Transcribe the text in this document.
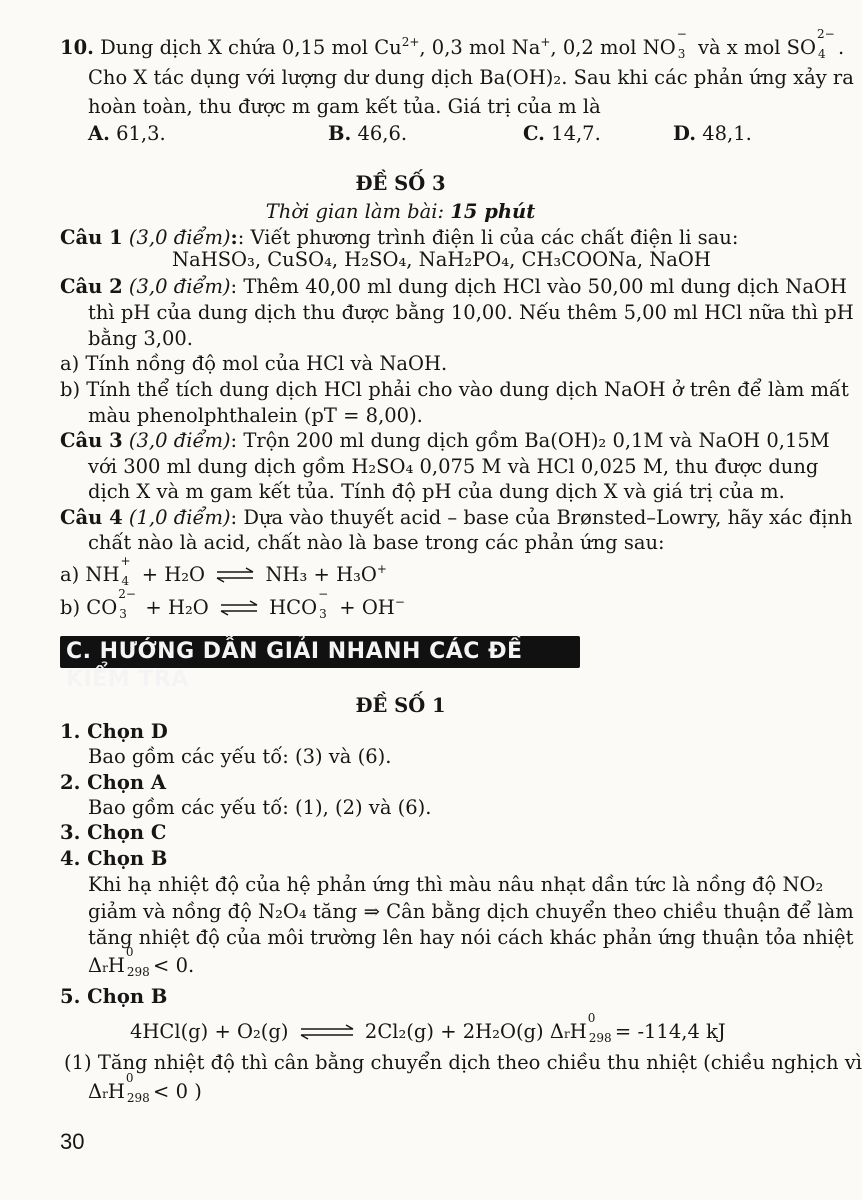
10. Dung dịch X chứa 0,15 mol $Cu^{2+}$, 0,3 mol Na+, 0,2 mol NO
−
3 và x mol SO
2−
4 .
Cho X tác dụng với lượng dư dung dịch Ba(OH)₂. Sau khi các phản ứng xảy ra
hoàn toàn, thu được m gam kết tủa. Giá trị của m là
A. 61,3.	B. 46,6.	C. 14,7.	D. 48,1.
ĐỀ SỐ 3
Thời gian làm bài: 15 phút
Câu 1 (3,0 điểm):: Viết phương trình điện li của các chất điện li sau:
NaHSO₃, CuSO₄, H₂SO₄, NaH₂PO₄, CH₃COONa, NaOH
Câu 2 (3,0 điểm): Thêm 40,00 ml dung dịch HCl vào 50,00 ml dung dịch NaOH
thì pH của dung dịch thu được bằng 10,00. Nếu thêm 5,00 ml HCl nữa thì pH
bằng 3,00.
a) Tính nồng độ mol của HCl và NaOH.
b) Tính thể tích dung dịch HCl phải cho vào dung dịch NaOH ở trên để làm mất
màu phenolphthalein (pT = 8,00).
Câu 3 (3,0 điểm): Trộn 200 ml dung dịch gồm Ba(OH)₂ 0,1M và NaOH 0,15M
với 300 ml dung dịch gồm H₂SO₄ 0,075 M và HCl 0,025 M, thu được dung
dịch X và m gam kết tủa. Tính độ pH của dung dịch X và giá trị của m.
Câu 4 (1,0 điểm): Dựa vào thuyết acid – base của Brønsted–Lowry, hãy xác định
chất nào là acid, chất nào là base trong các phản ứng sau:
a) NH
+
4 + H₂O ⇌ NH₃ + H₃O+
b) CO
2−
3 + H₂O ⇌ HCO
−
3 + OH−
C. HƯỚNG DẪN GIẢI NHANH CÁC ĐỀ KIỂM TRA
ĐỀ SỐ 1
1. Chọn D
Bao gồm các yếu tố: (3) và (6).
2. Chọn A
Bao gồm các yếu tố: (1), (2) và (6).
3. Chọn C
4. Chọn B
Khi hạ nhiệt độ của hệ phản ứng thì màu nâu nhạt dần tức là nồng độ NO₂
giảm và nồng độ N₂O₄ tăng ⇒ Cân bằng dịch chuyển theo chiều thuận để làm
tăng nhiệt độ của môi trường lên hay nói cách khác phản ứng thuận tỏa nhiệt
ΔrH
0
298
< 0.
5. Chọn B
4HCl(g) + O₂(g) ⇌ 2Cl₂(g) + 2H₂O(g) ΔrH
0
298
= -114,4 kJ
(1) Tăng nhiệt độ thì cân bằng chuyển dịch theo chiều thu nhiệt (chiều nghịch vì
ΔrH
0
298
< 0 )
30
